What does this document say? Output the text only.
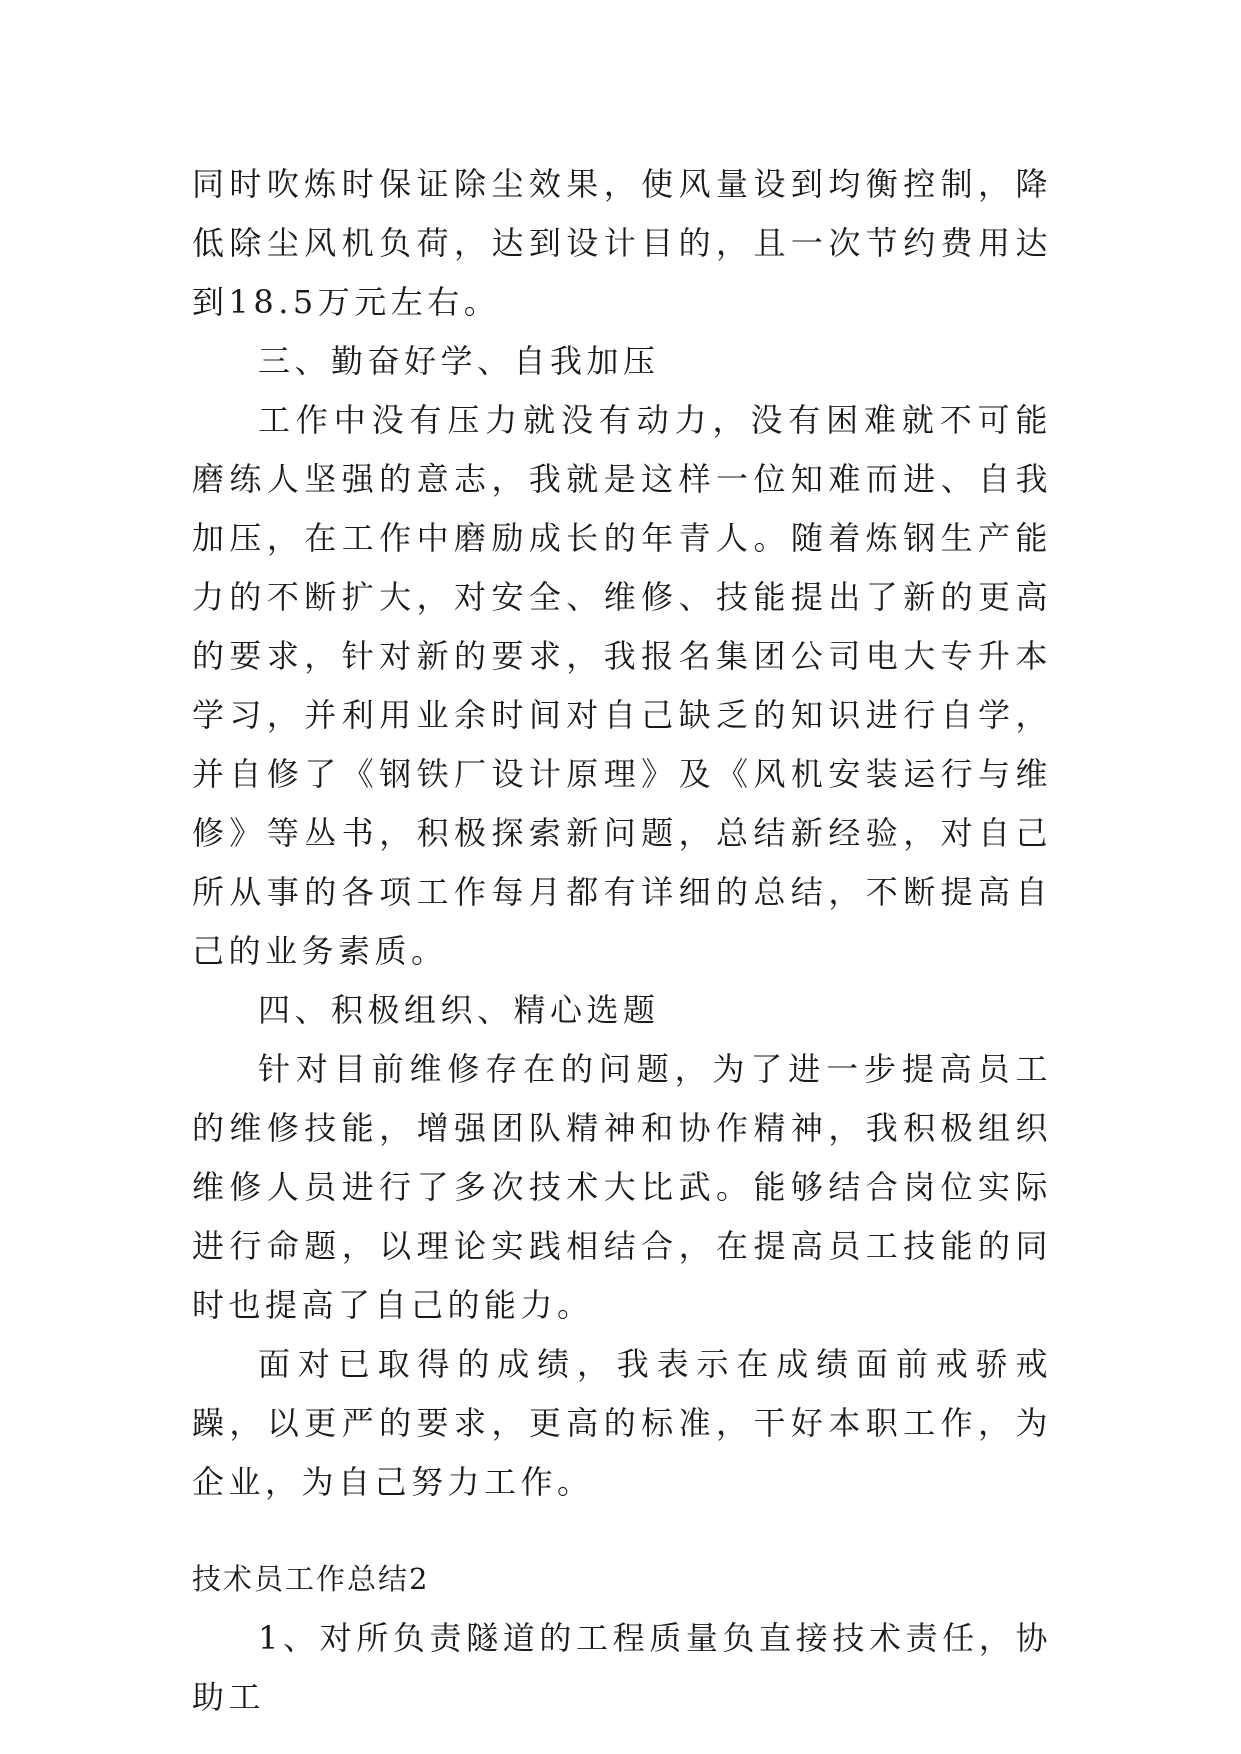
同时吹炼时保证除尘效果，使风量设到均衡控制，降低除尘风机负荷，达到设计目的，且一次节约费用达到18.5万元左右。

三、勤奋好学、自我加压

工作中没有压力就没有动力，没有困难就不可能磨练人坚强的意志，我就是这样一位知难而进、自我加压，在工作中磨励成长的年青人。随着炼钢生产能力的不断扩大，对安全、维修、技能提出了新的更高的要求，针对新的要求，我报名集团公司电大专升本学习，并利用业余时间对自己缺乏的知识进行自学，并自修了《钢铁厂设计原理》及《风机安装运行与维修》等丛书，积极探索新问题，总结新经验，对自己所从事的各项工作每月都有详细的总结，不断提高自己的业务素质。

四、积极组织、精心选题

针对目前维修存在的问题，为了进一步提高员工的维修技能，增强团队精神和协作精神，我积极组织维修人员进行了多次技术大比武。能够结合岗位实际进行命题，以理论实践相结合，在提高员工技能的同时也提高了自己的能力。

面对已取得的成绩，我表示在成绩面前戒骄戒躁，以更严的要求，更高的标准，干好本职工作，为企业，为自己努力工作。

技术员工作总结2

1、对所负责隧道的工程质量负直接技术责任，协助工
